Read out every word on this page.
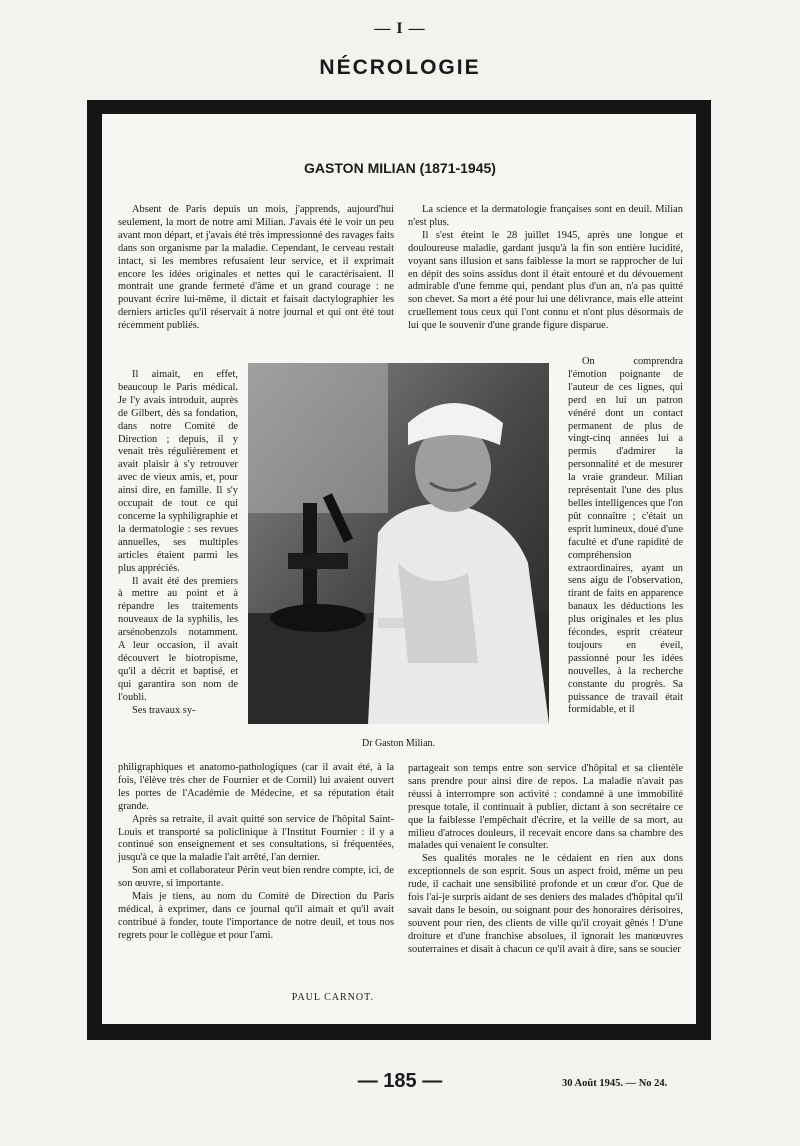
— I —
NÉCROLOGIE
GASTON MILIAN (1871-1945)

Absent de Paris depuis un mois, j'apprends, aujourd'hui seulement, la mort de notre ami Milian. J'avais été le voir un peu avant mon départ, et j'avais été très impressionné des ravages faits dans son organisme par la maladie. Cependant, le cerveau restait intact, si les membres refusaient leur service, et il exprimait encore les idées originales et nettes qui le caractérisaient. Il montrait une grande fermeté d'âme et un grand courage : ne pouvant écrire lui-même, il dictait et faisait dactylographier les derniers articles qu'il réservait à notre journal et qui ont été tout récemment publiés.

Il aimait, en effet, beaucoup le Paris médical. Je l'y avais introduit, auprès de Gilbert, dès sa fondation, dans notre Comité de Direction ; depuis, il y venait très régulièrement et avait plaisir à s'y retrouver avec de vieux amis, et, pour ainsi dire, en famille. Il s'y occupait de tout ce qui concerne la syphiligraphie et la dermatologie : ses revues annuelles, ses multiples articles étaient parmi les plus appréciés.

Il avait été des premiers à mettre au point et à répandre les traitements nouveaux de la syphilis, les arsénobenzols notamment. A leur occasion, il avait découvert le biotropisme, qu'il a décrit et baptisé, et qui garantira son nom de l'oubli.

Ses travaux sy-

philigraphiques et anatomo-pathologiques (car il avait été, à la fois, l'élève très cher de Fournier et de Cornil) lui avaient ouvert les portes de l'Académie de Médecine, et sa réputation était grande.

Après sa retraite, il avait quitté son service de l'hôpital Saint-Louis et transporté sa policlinique à l'Institut Fournier : il y a continué son enseignement et ses consultations, si fréquentées, jusqu'à ce que la maladie l'ait arrêté, l'an dernier.

Son ami et collaborateur Périn veut bien rendre compte, ici, de son œuvre, si importante.

Mais je tiens, au nom du Comité de Direction du Paris médical, à exprimer, dans ce journal qu'il aimait et qu'il avait contribué à fonder, toute l'importance de notre deuil, et tous nos regrets pour le collègue et pour l'ami.

PAUL CARNOT.

La science et la dermatologie françaises sont en deuil. Milian n'est plus.

Il s'est éteint le 28 juillet 1945, après une longue et douloureuse maladie, gardant jusqu'à la fin son entière lucidité, voyant sans illusion et sans faiblesse la mort se rapprocher de lui en dépit des soins assidus dont il était entouré et du dévouement admirable d'une femme qui, pendant plus d'un an, n'a pas quitté son chevet. Sa mort a été pour lui une délivrance, mais elle atteint cruellement tous ceux qui l'ont connu et n'ont plus désormais de lui que le souvenir d'une grande figure disparue.

On comprendra l'émotion poignante de l'auteur de ces lignes, qui perd en lui un patron vénéré dont un contact permanent de plus de vingt-cinq années lui a permis d'admirer la personnalité et de mesurer la vraie grandeur. Milian représentait l'une des plus belles intelligences que l'on pût connaître ; c'était un esprit lumineux, doué d'une faculté et d'une rapidité de compréhension extraordinaires, ayant un sens aigu de l'observation, tirant de faits en apparence banaux les déductions les plus originales et les plus fécondes, esprit créateur toujours en éveil, passionné pour les idées nouvelles, à la recherche constante du progrès. Sa puissance de travail était formidable, et il

partageait son temps entre son service d'hôpital et sa clientèle sans prendre pour ainsi dire de repos. La maladie n'avait pas réussi à interrompre son activité : condamné à une immobilité presque totale, il continuait à publier, dictant à son secrétaire ce que la faiblesse l'empêchait d'écrire, et la veille de sa mort, au milieu d'atroces douleurs, il recevait encore dans sa chambre des malades qui venaient le consulter.

Ses qualités morales ne le cédaient en rien aux dons exceptionnels de son esprit. Sous un aspect froid, même un peu rude, il cachait une sensibilité profonde et un cœur d'or. Que de fois l'ai-je surpris aidant de ses deniers des malades d'hôpital qu'il savait dans le besoin, ou soignant pour des honoraires dérisoires, souvent pour rien, des clients de ville qu'il croyait gênés ! D'une droiture et d'une franchise absolues, il ignorait les manœuvres souterraines et disait à chacun ce qu'il avait à dire, sans se soucier

Dr Gaston Milian.
— 185 —	30 Août 1945. — No 24.
